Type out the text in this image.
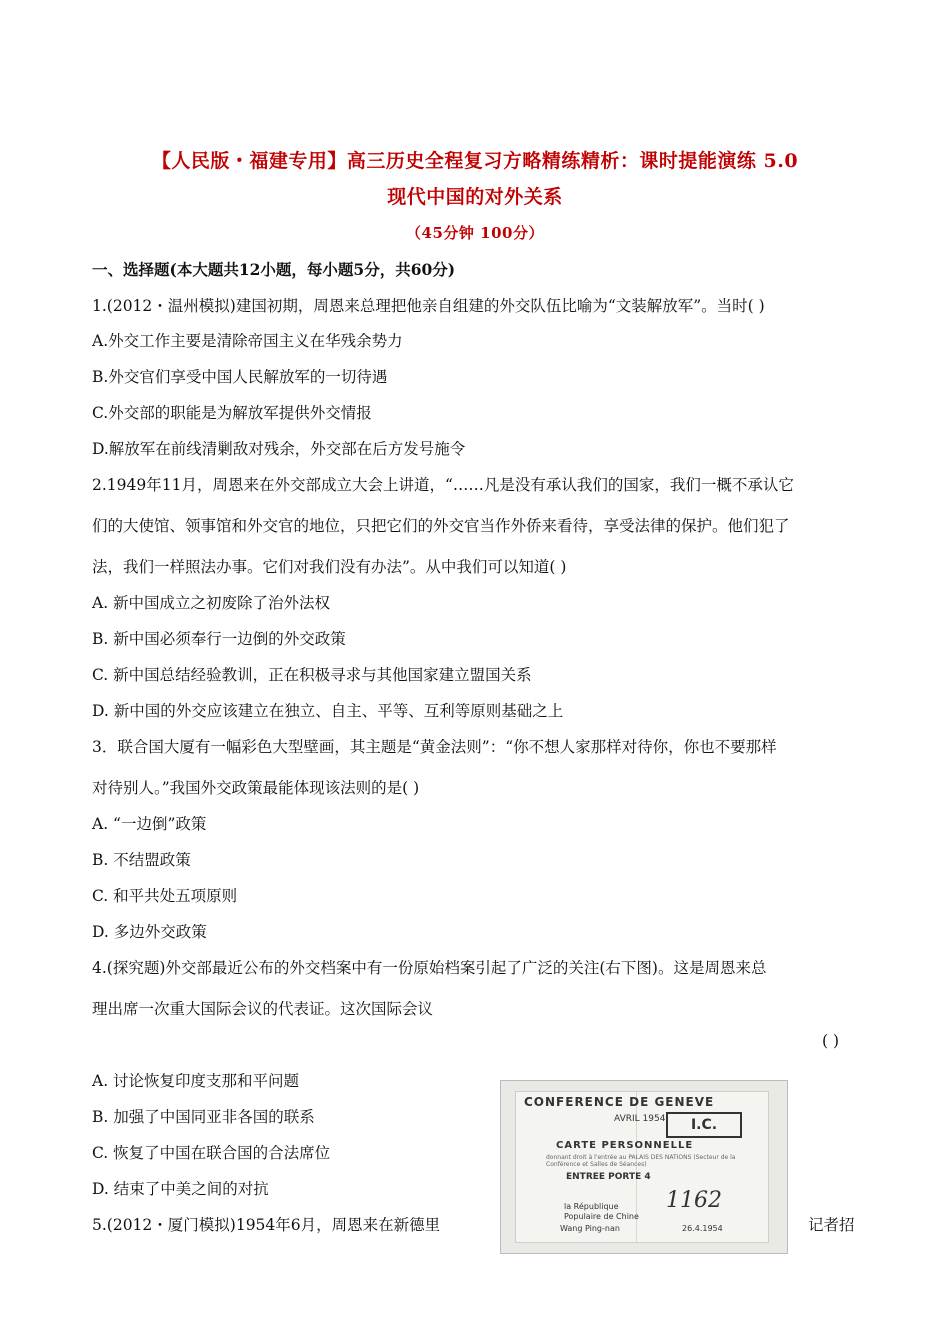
【人民版・福建专用】高三历史全程复习方略精练精析：课时提能演练 5.0
现代中国的对外关系
（45分钟 100分）
一、选择题(本大题共12小题，每小题5分，共60分)
1.(2012・温州模拟)建国初期，周恩来总理把他亲自组建的外交队伍比喻为“文装解放军”。当时( )
A.外交工作主要是清除帝国主义在华残余势力
B.外交官们享受中国人民解放军的一切待遇
C.外交部的职能是为解放军提供外交情报
D.解放军在前线清剿敌对残余，外交部在后方发号施令
2.1949年11月，周恩来在外交部成立大会上讲道，“……凡是没有承认我们的国家，我们一概不承认它
们的大使馆、领事馆和外交官的地位，只把它们的外交官当作外侨来看待，享受法律的保护。他们犯了
法，我们一样照法办事。它们对我们没有办法”。从中我们可以知道( )
A. 新中国成立之初废除了治外法权
B. 新中国必须奉行一边倒的外交政策
C. 新中国总结经验教训，正在积极寻求与其他国家建立盟国关系
D. 新中国的外交应该建立在独立、自主、平等、互利等原则基础之上
3．联合国大厦有一幅彩色大型壁画，其主题是“黄金法则”：“你不想人家那样对待你，你也不要那样
对待别人。”我国外交政策最能体现该法则的是( )
A. “一边倒”政策
B. 不结盟政策
C. 和平共处五项原则
D. 多边外交政策
4.(探究题)外交部最近公布的外交档案中有一份原始档案引起了广泛的关注(右下图)。这是周恩来总
理出席一次重大国际会议的代表证。这次国际会议
( )
A. 讨论恢复印度支那和平问题
B. 加强了中国同亚非各国的联系
C. 恢复了中国在联合国的合法席位
D. 结束了中美之间的对抗
5.(2012・厦门模拟)1954年6月，周恩来在新德里	记者招
CONFERENCE DE GENEVE
AVRIL 1954	I.C.
CARTE PERSONNELLE
donnant droit à l'entrée au PALAIS DES NATIONS (Secteur de la Conférence et Salles de Séances)
ENTREE PORTE 4
la République
Populaire de Chine
1162
Wang Ping-nan	26.4.1954
